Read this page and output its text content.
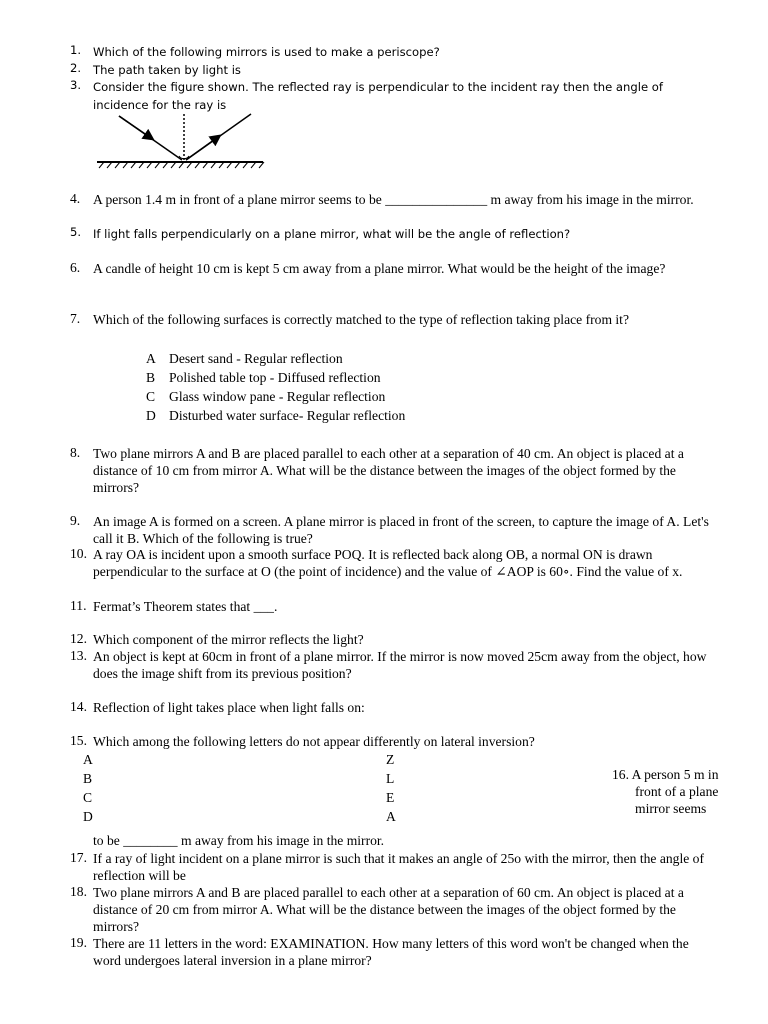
1. Which of the following mirrors is used to make a periscope?
2. The path taken by light is
3. Consider the figure shown. The reflected ray is perpendicular to the incident ray then the angle of incidence for the ray is
4. A person 1.4 m in front of a plane mirror seems to be _______________ m away from his image in the mirror.
5. If light falls perpendicularly on a plane mirror, what will be the angle of reflection?
6. A candle of height 10 cm is kept 5 cm away from a plane mirror. What would be the height of the image?
7. Which of the following surfaces is correctly matched to the type of reflection taking place from it?
A Desert sand - Regular reflection
B Polished table top - Diffused reflection
C Glass window pane - Regular reflection
D Disturbed water surface- Regular reflection
8. Two plane mirrors A and B are placed parallel to each other at a separation of 40 cm. An object is placed at a distance of 10 cm from mirror A. What will be the distance between the images of the object formed by the mirrors?
9. An image A is formed on a screen. A plane mirror is placed in front of the screen, to capture the image of A. Let's call it B. Which of the following is true?
10. A ray OA is incident upon a smooth surface POQ. It is reflected back along OB, a normal ON is drawn perpendicular to the surface at O (the point of incidence) and the value of ∠AOP is 60∘. Find the value of x.
11. Fermat’s Theorem states that ___.
12. Which component of the mirror reflects the light?
13. An object is kept at 60cm in front of a plane mirror. If the mirror is now moved 25cm away from the object, how does the image shift from its previous position?
14. Reflection of light takes place when light falls on:
15. Which among the following letters do not appear differently on lateral inversion?
A
B
C
D
Z
L
E
A
16. A person 5 m in front of a plane mirror seems
to be ________ m away from his image in the mirror.
17. If a ray of light incident on a plane mirror is such that it makes an angle of 25o with the mirror, then the angle of reflection will be
18. Two plane mirrors A and B are placed parallel to each other at a separation of 60 cm. An object is placed at a distance of 20 cm from mirror A. What will be the distance between the images of the object formed by the mirrors?
19. There are 11 letters in the word: EXAMINATION. How many letters of this word won't be changed when the word undergoes lateral inversion in a plane mirror?
